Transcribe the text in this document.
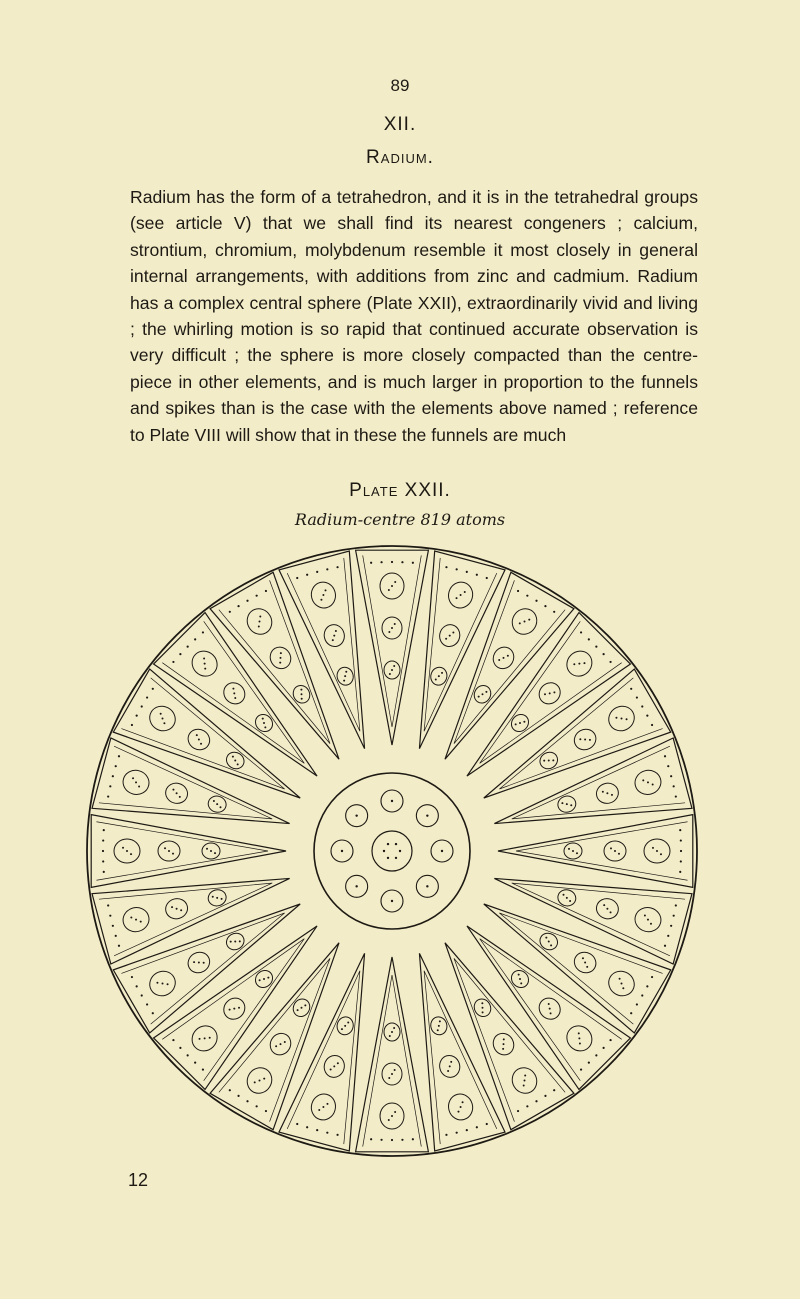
89
XII.
Radium.

Radium has the form of a tetrahedron, and it is in the tetrahedral groups (see article V) that we shall find its nearest congeners ; calcium, strontium, chromium, molybdenum resemble it most closely in general internal arrangements, with additions from zinc and cadmium. Radium has a complex central sphere (Plate XXII), extraordinarily vivid and living ; the whirling motion is so rapid that continued accurate observation is very difficult ; the sphere is more closely compacted than the centre-piece in other elements, and is much larger in proportion to the funnels and spikes than is the case with the elements above named ; reference to Plate VIII will show that in these the funnels are much

Plate XXII.
Radium-centre 819 atoms
12
